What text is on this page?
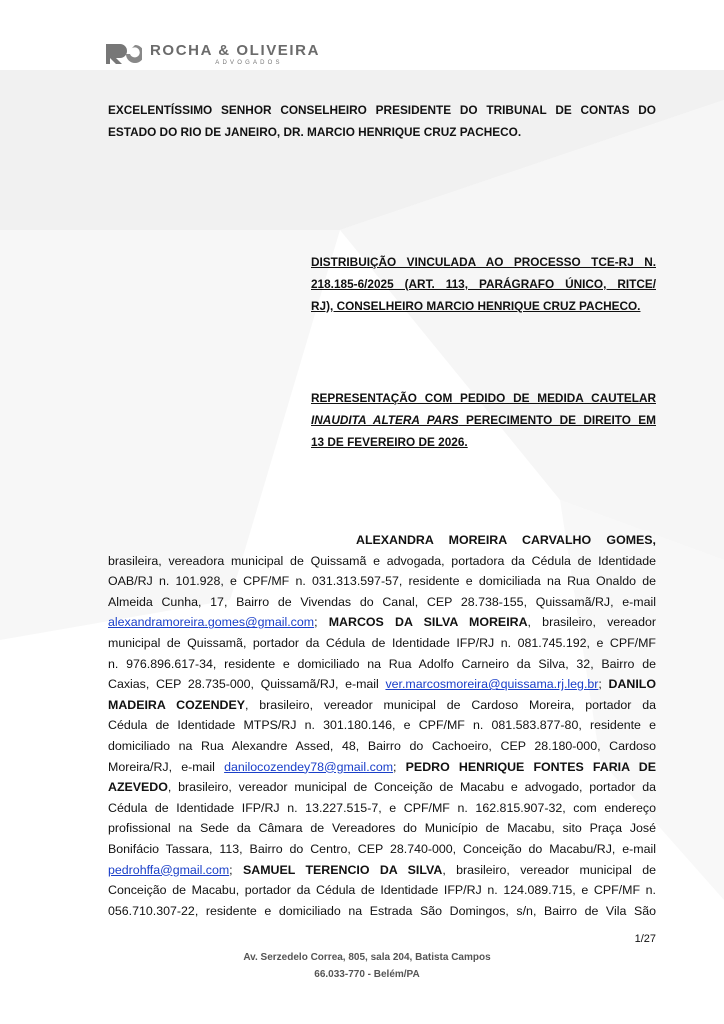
ROCHA & OLIVEIRA
ADVOGADOS
EXCELENTÍSSIMO SENHOR CONSELHEIRO PRESIDENTE DO TRIBUNAL DE CONTAS DO
ESTADO DO RIO DE JANEIRO, DR. MARCIO HENRIQUE CRUZ PACHECO.
DISTRIBUIÇÃO VINCULADA AO PROCESSO TCE-RJ N.
218.185-6/2025 (ART. 113, PARÁGRAFO ÚNICO, RITCE/
RJ), CONSELHEIRO MARCIO HENRIQUE CRUZ PACHECO.
REPRESENTAÇÃO COM PEDIDO DE MEDIDA CAUTELAR
INAUDITA ALTERA PARS PERECIMENTO DE DIREITO EM
13 DE FEVEREIRO DE 2026.
ALEXANDRA MOREIRA CARVALHO GOMES,
brasileira, vereadora municipal de Quissamã e advogada, portadora da Cédula de Identidade
OAB/RJ n. 101.928, e CPF/MF n. 031.313.597-57, residente e domiciliada na Rua Onaldo de
Almeida Cunha, 17, Bairro de Vivendas do Canal, CEP 28.738-155, Quissamã/RJ, e-mail
alexandramoreira.gomes@gmail.com; MARCOS DA SILVA MOREIRA, brasileiro, vereador
municipal de Quissamã, portador da Cédula de Identidade IFP/RJ n. 081.745.192, e CPF/MF
n. 976.896.617-34, residente e domiciliado na Rua Adolfo Carneiro da Silva, 32, Bairro de
Caxias, CEP 28.735-000, Quissamã/RJ, e-mail ver.marcosmoreira@quissama.rj.leg.br; DANILO
MADEIRA COZENDEY, brasileiro, vereador municipal de Cardoso Moreira, portador da
Cédula de Identidade MTPS/RJ n. 301.180.146, e CPF/MF n. 081.583.877-80, residente e
domiciliado na Rua Alexandre Assed, 48, Bairro do Cachoeiro, CEP 28.180-000, Cardoso
Moreira/RJ, e-mail danilocozendey78@gmail.com; PEDRO HENRIQUE FONTES FARIA DE
AZEVEDO, brasileiro, vereador municipal de Conceição de Macabu e advogado, portador da
Cédula de Identidade IFP/RJ n. 13.227.515-7, e CPF/MF n. 162.815.907-32, com endereço
profissional na Sede da Câmara de Vereadores do Município de Macabu, sito Praça José
Bonifácio Tassara, 113, Bairro do Centro, CEP 28.740-000, Conceição do Macabu/RJ, e-mail
pedrohffa@gmail.com; SAMUEL TERENCIO DA SILVA, brasileiro, vereador municipal de
Conceição de Macabu, portador da Cédula de Identidade IFP/RJ n. 124.089.715, e CPF/MF n.
056.710.307-22, residente e domiciliado na Estrada São Domingos, s/n, Bairro de Vila São
1/27
Av. Serzedelo Correa, 805, sala 204, Batista Campos
66.033-770 - Belém/PA
